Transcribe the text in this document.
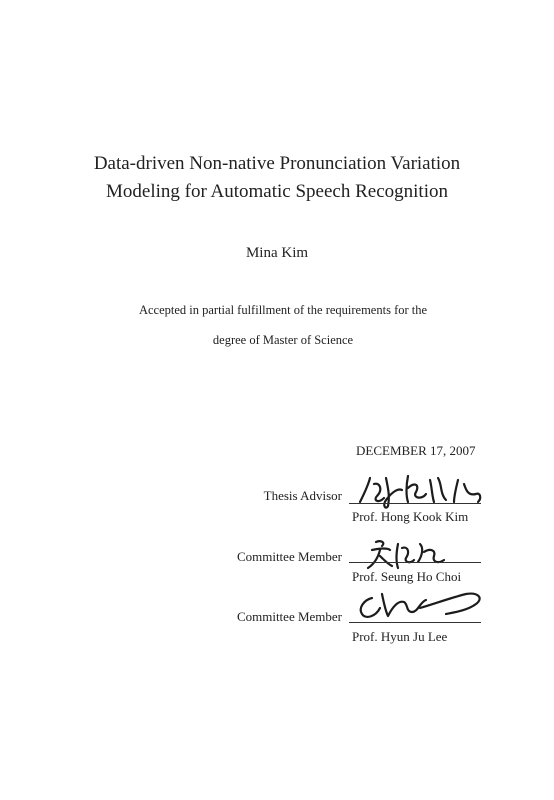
Data-driven Non-native Pronunciation Variation
Modeling for Automatic Speech Recognition
Mina Kim
Accepted in partial fulfillment of the requirements for the
degree of Master of Science
DECEMBER 17, 2007
Thesis Advisor
Prof. Hong Kook Kim
Committee Member
Prof. Seung Ho Choi
Committee Member
Prof. Hyun Ju Lee
